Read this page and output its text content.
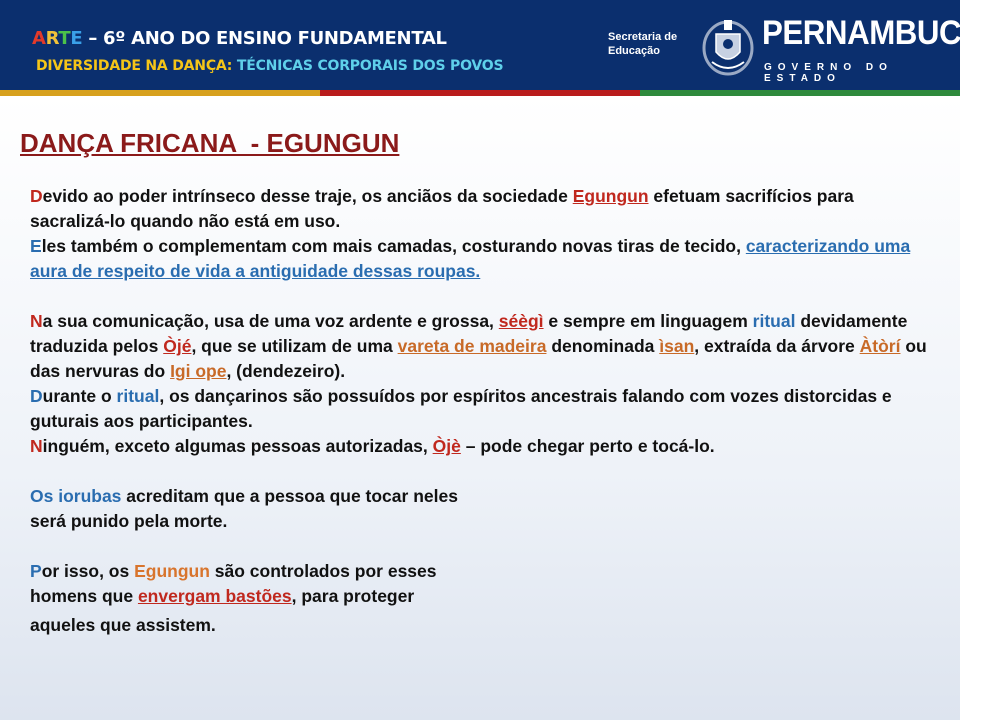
ARTE – 6º ANO DO ENSINO FUNDAMENTAL
DIVERSIDADE NA DANÇA: TÉCNICAS CORPORAIS DOS POVOS
Secretaria de
Educação	PERNAMBUCO
GOVERNO DO ESTADO
DANÇA FRICANA  - EGUNGUN

Devido ao poder intrínseco desse traje, os anciãos da sociedade Egungun efetuam sacrifícios para sacralizá-lo quando não está em uso.

Eles também o complementam com mais camadas, costurando novas tiras de tecido, caracterizando uma aura de respeito de vida a antiguidade dessas roupas.

Na sua comunicação, usa de uma voz ardente e grossa, séègì e sempre em linguagem ritual devidamente traduzida pelos Òjé, que se utilizam de uma vareta de madeira denominada ìsan, extraída da árvore Àtòrí ou das nervuras do Igi ope, (dendezeiro).

Durante o ritual, os dançarinos são possuídos por espíritos ancestrais falando com vozes distorcidas e guturais aos participantes.

Ninguém, exceto algumas pessoas autorizadas, Òjè – pode chegar perto e tocá-lo.

Os iorubas acreditam que a pessoa que tocar neles

será punido pela morte.

Por isso, os Egungun são controlados por esses

homens que envergam bastões, para proteger

aqueles que assistem.
